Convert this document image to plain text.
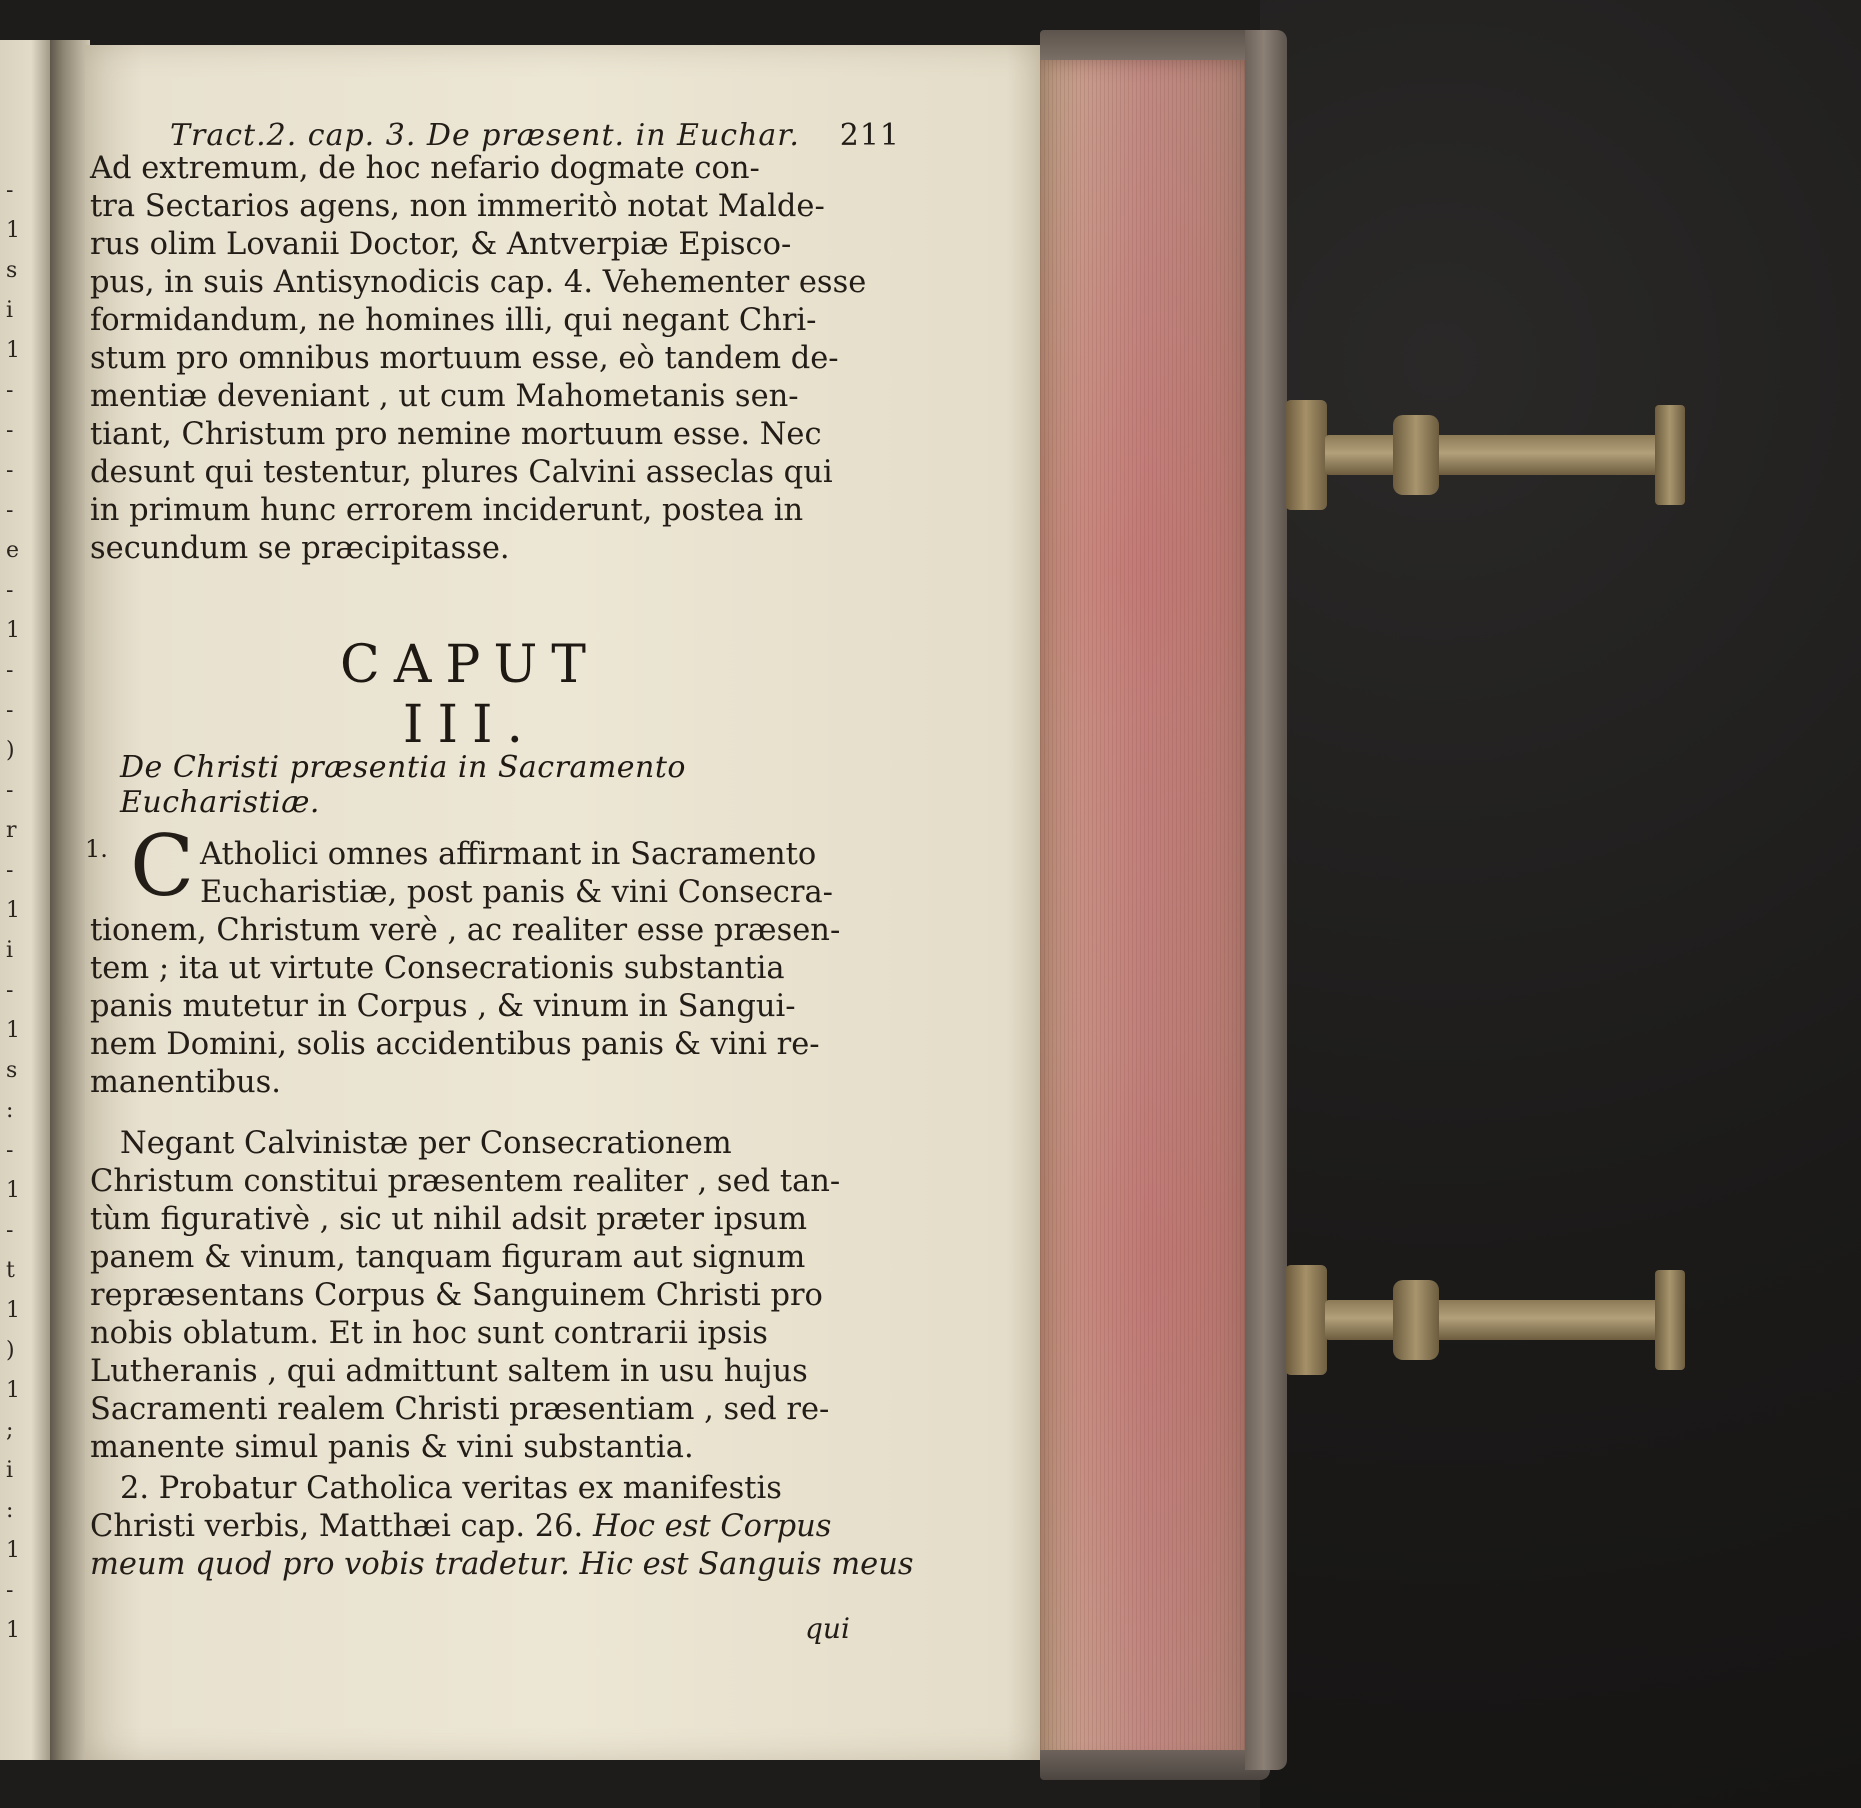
-
1
s
i
1
-
-
-
-
e
-
1
-
-
)
-
r
-
1
i
-
1
s
:
-
1
-
t
1
)
1
;
i
:
1
-
1
Tract.2. cap. 3. De præsent. in Euchar. 211
Ad extremum, de hoc nefario dogmate con-
tra Sectarios agens, non immeritò notat Malde-
rus olim Lovanii Doctor, & Antverpiæ Episco-
pus, in suis Antisynodicis cap. 4. Vehementer esse
formidandum, ne homines illi, qui negant Chri-
stum pro omnibus mortuum esse, eò tandem de-
mentiæ deveniant , ut cum Mahometanis sen-
tiant, Christum pro nemine mortuum esse. Nec
desunt qui testentur, plures Calvini asseclas qui
in primum hunc errorem inciderunt, postea in
secundum se præcipitasse.
CAPUT III.
De Christi præsentia in Sacramento Eucharistiæ.
1. C Atholici omnes affirmant in Sacramento
Eucharistiæ, post panis & vini Consecra-
tionem, Christum verè , ac realiter esse præsen-
tem ; ita ut virtute Consecrationis substantia
panis mutetur in Corpus , & vinum in Sangui-
nem Domini, solis accidentibus panis & vini re-
manentibus.
Negant Calvinistæ per Consecrationem
Christum constitui præsentem realiter , sed tan-
tùm figurativè , sic ut nihil adsit præter ipsum
panem & vinum, tanquam figuram aut signum
repræsentans Corpus & Sanguinem Christi pro
nobis oblatum. Et in hoc sunt contrarii ipsis
Lutheranis , qui admittunt saltem in usu hujus
Sacramenti realem Christi præsentiam , sed re-
manente simul panis & vini substantia.
2. Probatur Catholica veritas ex manifestis
Christi verbis, Matthæi cap. 26. Hoc est Corpus
meum quod pro vobis tradetur. Hic est Sanguis meus
qui
